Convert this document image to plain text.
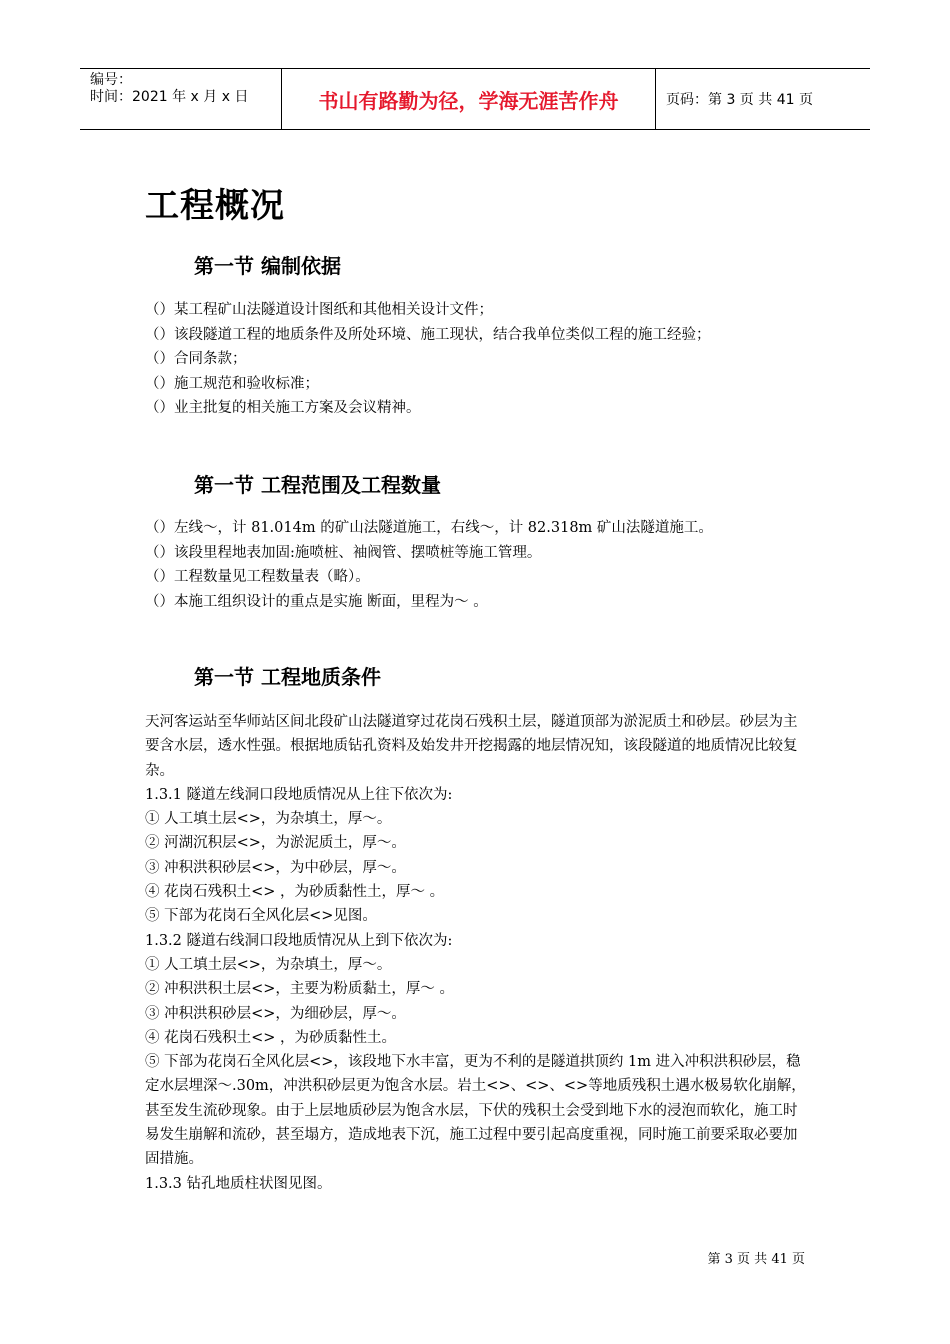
编号：
时间：2021 年 x 月 x 日	书山有路勤为径，学海无涯苦作舟	页码：第 3 页 共 41 页
工程概况
第一节 编制依据
（）某工程矿山法隧道设计图纸和其他相关设计文件；
（）该段隧道工程的地质条件及所处环境、施工现状，结合我单位类似工程的施工经验；
（）合同条款；
（）施工规范和验收标准；
（）业主批复的相关施工方案及会议精神。
第一节 工程范围及工程数量
（）左线～，计 81.014m 的矿山法隧道施工，右线～，计 82.318m 矿山法隧道施工。
（）该段里程地表加固:施喷桩、袖阀管、摆喷桩等施工管理。
（）工程数量见工程数量表（略）。
（）本施工组织设计的重点是实施 断面，里程为～ 。
第一节 工程地质条件

天河客运站至华师站区间北段矿山法隧道穿过花岗石残积土层，隧道顶部为淤泥质土和砂层。砂层为主要含水层，透水性强。根据地质钻孔资料及始发井开挖揭露的地层情况知，该段隧道的地质情况比较复杂。

1.3.1 隧道左线洞口段地质情况从上往下依次为:

① 人工填土层<>，为杂填土，厚～。

② 河湖沉积层<>，为淤泥质土，厚～。

③ 冲积洪积砂层<>，为中砂层，厚～。

④ 花岗石残积土<> ，为砂质黏性土，厚～ 。

⑤ 下部为花岗石全风化层<>见图。

1.3.2 隧道右线洞口段地质情况从上到下依次为:

① 人工填土层<>，为杂填土，厚～。

② 冲积洪积土层<>，主要为粉质黏土，厚～ 。

③ 冲积洪积砂层<>，为细砂层，厚～。

④ 花岗石残积土<> ，为砂质黏性土。

⑤ 下部为花岗石全风化层<>，该段地下水丰富，更为不利的是隧道拱顶约 1m 进入冲积洪积砂层，稳定水层埋深～.30m，冲洪积砂层更为饱含水层。岩土<>、<>、<>等地质残积土遇水极易软化崩解，甚至发生流砂现象。由于上层地质砂层为饱含水层，下伏的残积土会受到地下水的浸泡而软化，施工时易发生崩解和流砂，甚至塌方，造成地表下沉，施工过程中要引起高度重视，同时施工前要采取必要加固措施。

1.3.3 钻孔地质柱状图见图。

第 3 页 共 41 页
